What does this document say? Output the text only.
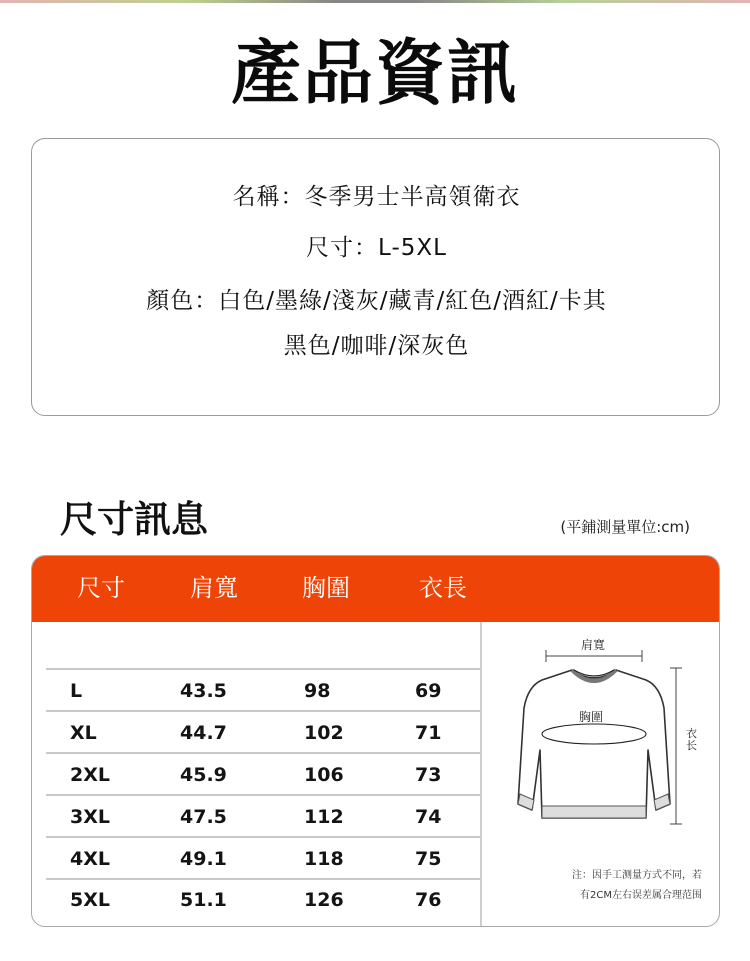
產品資訊
名稱：冬季男士半高領衛衣
尺寸：L-5XL
顏色：白色/墨綠/淺灰/藏青/紅色/酒紅/卡其
黑色/咖啡/深灰色
尺寸訊息	(平鋪測量單位:cm)
尺寸	肩寬	胸圍	衣長
L	43.5	98	69
XL	44.7	102	71
2XL	45.9	106	73
3XL	47.5	112	74
4XL	49.1	118	75
5XL	51.1	126	76
肩寬
胸圍
衣长
注：因手工测量方式不同，若
有2CM左右误差属合理范围
